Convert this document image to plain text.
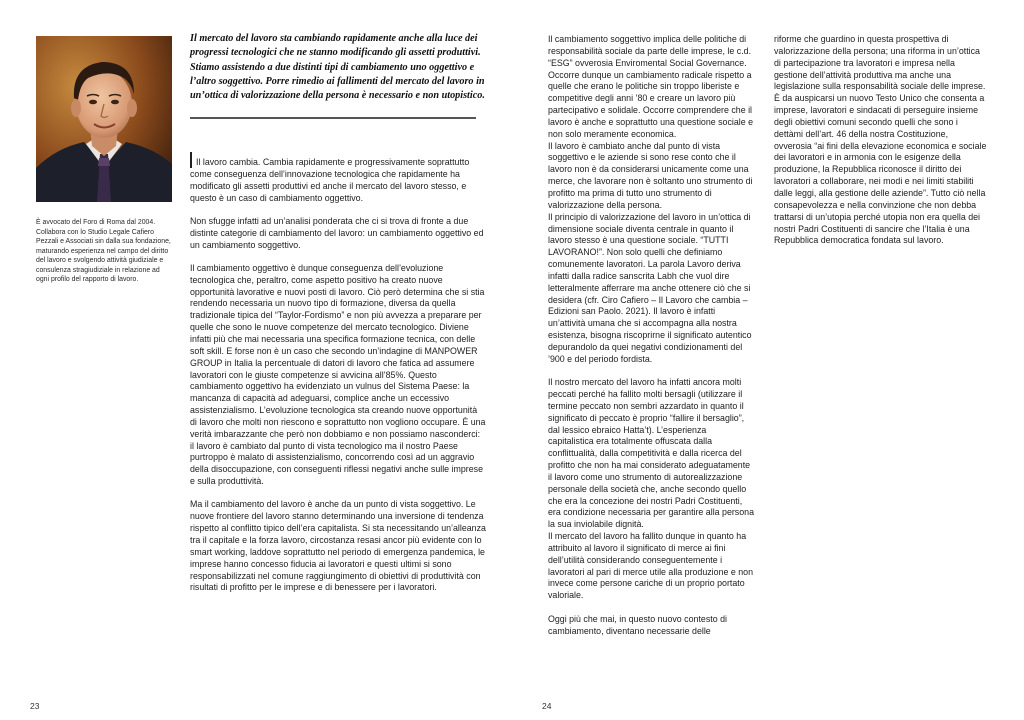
È avvocato del Foro di Roma dal 2004. Collabora con lo Studio Legale Cafiero Pezzali e Associati sin dalla sua fondazione, maturando esperienza nel campo del diritto del lavoro e svolgendo attività giudiziale e consulenza stragiudiziale in relazione ad ogni profilo del rapporto di lavoro.

Il mercato del lavoro sta cambiando rapidamente anche alla luce dei progressi tecnologici che ne stanno modificando gli assetti produttivi. Stiamo assistendo a due distinti tipi di cambiamento uno oggettivo e l’altro soggettivo. Porre rimedio ai fallimenti del mercato del lavoro in un’ottica di valorizzazione della persona è necessario e non utopistico.

Il lavoro cambia. Cambia rapidamente e progressivamente soprattutto come conseguenza dell’innovazione tecnologica che rapidamente ha modificato gli assetti produttivi ed anche il mercato del lavoro stesso, e questo è un caso di cambiamento oggettivo.

Non sfugge infatti ad un’analisi ponderata che ci si trova di fronte a due distinte categorie di cambiamento del lavoro: un cambiamento oggettivo ed un cambiamento soggettivo.

Il cambiamento oggettivo è dunque conseguenza dell’evoluzione tecnologica che, peraltro, come aspetto positivo ha creato nuove opportunità lavorative e nuovi posti di lavoro. Ciò però determina che si stia rendendo necessaria un nuovo tipo di formazione, diversa da quella tradizionale tipica del “Taylor-Fordismo” e non più avvezza a preparare per quelle che sono le nuove competenze del mercato tecnologico. Diviene infatti più che mai necessaria una specifica formazione tecnica, con delle soft skill. E forse non è un caso che secondo un’indagine di MANPOWER GROUP in Italia la percentuale di datori di lavoro che fatica ad assumere lavoratori con le giuste competenze si avvicina all’85%. Questo cambiamento oggettivo ha evidenziato un vulnus del Sistema Paese: la mancanza di capacità ad adeguarsi, complice anche un eccessivo assistenzialismo. L’evoluzione tecnologica sta creando nuove opportunità di lavoro che molti non riescono e soprattutto non vogliono occupare. È una verità imbarazzante che però non dobbiamo e non possiamo nasconderci: il lavoro è cambiato dal punto di vista tecnologico ma il nostro Paese purtroppo è malato di assistenzialismo, concorrendo così ad un aggravio della disoccupazione, con conseguenti riflessi negativi anche sulle imprese e sulla produttività.

Ma il cambiamento del lavoro è anche da un punto di vista soggettivo. Le nuove frontiere del lavoro stanno determinando una inversione di tendenza rispetto al conflitto tipico dell’era capitalista. Si sta necessitando un’alleanza tra il capitale e la forza lavoro, circostanza resasi ancor più evidente con lo smart working, laddove soprattutto nel periodo di emergenza pandemica, le imprese hanno concesso fiducia ai lavoratori e questi ultimi si sono responsabilizzati nel comune raggiungimento di obiettivi di produttività con risultati di profitto per le imprese e di benessere per i lavoratori.

23

Il cambiamento soggettivo implica delle politiche di responsabilità sociale da parte delle imprese, le c.d. “ESG” ovverosia Enviromental Social Governance. Occorre dunque un cambiamento radicale rispetto a quelle che erano le politiche sin troppo liberiste e competitive degli anni ’80 e creare un lavoro più partecipativo e solidale. Occorre comprendere che il lavoro è anche e soprattutto una questione sociale e non solo meramente economica.

Il lavoro è cambiato anche dal punto di vista soggettivo e le aziende si sono rese conto che il lavoro non è da considerarsi unicamente come una merce, che lavorare non è soltanto uno strumento di profitto ma prima di tutto uno strumento di valorizzazione della persona.

Il principio di valorizzazione del lavoro in un’ottica di dimensione sociale diventa centrale in quanto il lavoro stesso è una questione sociale. “TUTTI LAVORANO!”. Non solo quelli che definiamo comunemente lavoratori. La parola Lavoro deriva infatti dalla radice sanscrita Labh che vuol dire letteralmente afferrare ma anche ottenere ciò che si desidera (cfr. Ciro Cafiero – Il Lavoro che cambia – Edizioni san Paolo. 2021). Il lavoro è infatti un’attività umana che si accompagna alla nostra esistenza, bisogna riscoprirne il significato autentico depurandolo da quei negativi condizionamenti del ’900 e del periodo fordista.

Il nostro mercato del lavoro ha infatti ancora molti peccati perché ha fallito molti bersagli (utilizzare il termine peccato non sembri azzardato in quanto il significato di peccato è proprio “fallire il bersaglio”, dal lessico ebraico Hatta’t). L’esperienza capitalistica era totalmente offuscata dalla conflittualità, dalla competitività e dalla ricerca del profitto che non ha mai considerato adeguatamente il lavoro come uno strumento di autorealizzazione personale della società che, anche secondo quello che era la concezione dei nostri Padri Costituenti, era condizione necessaria per garantire alla persona la sua inviolabile dignità.

Il mercato del lavoro ha fallito dunque in quanto ha attribuito al lavoro il significato di merce ai fini dell’utilità considerando conseguentemente i lavoratori al pari di merce utile alla produzione e non invece come persone cariche di un proprio portato valoriale.

Oggi più che mai, in questo nuovo contesto di cambiamento, diventano necessarie delle

riforme che guardino in questa prospettiva di valorizzazione della persona; una riforma in un’ottica di partecipazione tra lavoratori e impresa nella gestione dell’attività produttiva ma anche una legislazione sulla responsabilità sociale delle imprese. È da auspicarsi un nuovo Testo Unico che consenta a imprese, lavoratori e sindacati di perseguire insieme degli obiettivi comuni secondo quelli che sono i dettàmi dell’art. 46 della nostra Costituzione, ovverosia “ai fini della elevazione economica e sociale dei lavoratori e in armonia con le esigenze della produzione, la Repubblica riconosce il diritto dei lavoratori a collaborare, nei modi e nei limiti stabiliti dalle leggi, alla gestione delle aziende”. Tutto ciò nella consapevolezza e nella convinzione che non debba trattarsi di un’utopia perché utopia non era quella dei nostri Padri Costituenti di sancire che l’Italia è una Repubblica democratica fondata sul lavoro.

24
